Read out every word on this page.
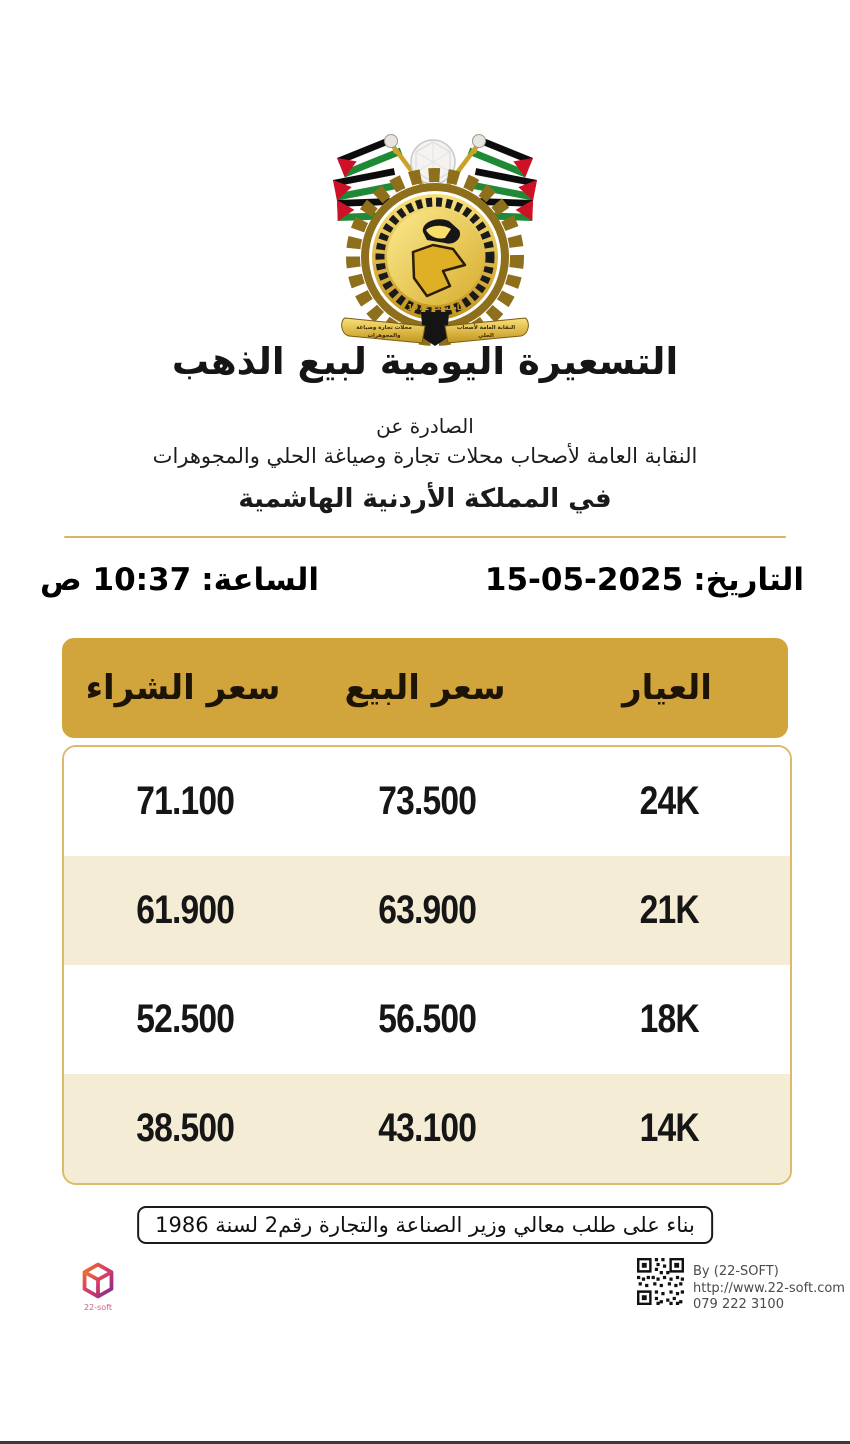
تأسست 1972
محلات تجارة وصياغة
والمجوهرات
النقابة العامة لأصحاب
الحلي
التسعيرة اليومية لبيع الذهب
الصادرة عن
النقابة العامة لأصحاب محلات تجارة وصياغة الحلي والمجوهرات
في المملكة الأردنية الهاشمية
التاريخ:
15-05-2025
الساعة:
10:37 ص
العيار
سعر البيع
سعر الشراء
24K
73.500
71.100
21K
63.900
61.900
18K
56.500
52.500
14K
43.100
38.500
بناء على طلب معالي وزير الصناعة والتجارة رقم2 لسنة 1986
22-soft
By (22-SOFT)
http://www.22-soft.com
079 222 3100
